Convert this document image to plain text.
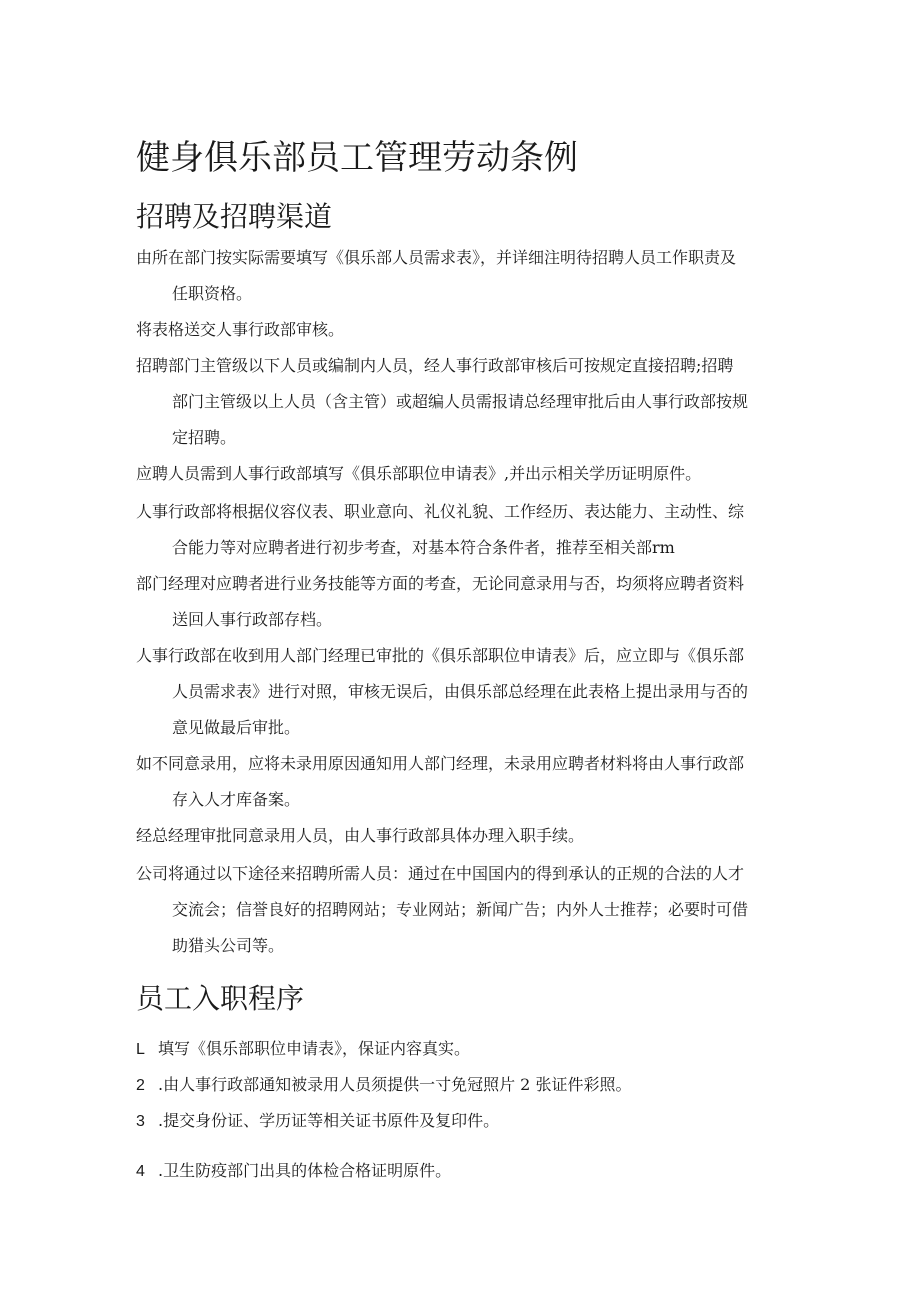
健身俱乐部员工管理劳动条例
招聘及招聘渠道

由所在部门按实际需要填写《俱乐部人员需求表》，并详细注明待招聘人员工作职责及
任职资格。

将表格送交人事行政部审核。

招聘部门主管级以下人员或编制内人员，经人事行政部审核后可按规定直接招聘;招聘
部门主管级以上人员（含主管）或超编人员需报请总经理审批后由人事行政部按规
定招聘。

应聘人员需到人事行政部填写《俱乐部职位申请表》,并出示相关学历证明原件。

人事行政部将根据仪容仪表、职业意向、礼仪礼貌、工作经历、表达能力、主动性、综
合能力等对应聘者进行初步考查，对基本符合条件者，推荐至相关部rm

部门经理对应聘者进行业务技能等方面的考查，无论同意录用与否，均须将应聘者资料
送回人事行政部存档。

人事行政部在收到用人部门经理已审批的《俱乐部职位申请表》后，应立即与《俱乐部
人员需求表》进行对照，审核无误后，由俱乐部总经理在此表格上提出录用与否的
意见做最后审批。

如不同意录用，应将未录用原因通知用人部门经理，未录用应聘者材料将由人事行政部
存入人才库备案。

经总经理审批同意录用人员，由人事行政部具体办理入职手续。

公司将通过以下途径来招聘所需人员：通过在中国国内的得到承认的正规的合法的人才
交流会；信誉良好的招聘网站；专业网站；新闻广告；内外人士推荐；必要时可借
助猎头公司等。

员工入职程序

L 填写《俱乐部职位申请表》，保证内容真实。

2 .由人事行政部通知被录用人员须提供一寸免冠照片 2 张证件彩照。

3 .提交身份证、学历证等相关证书原件及复印件。

4 .卫生防疫部门出具的体检合格证明原件。
